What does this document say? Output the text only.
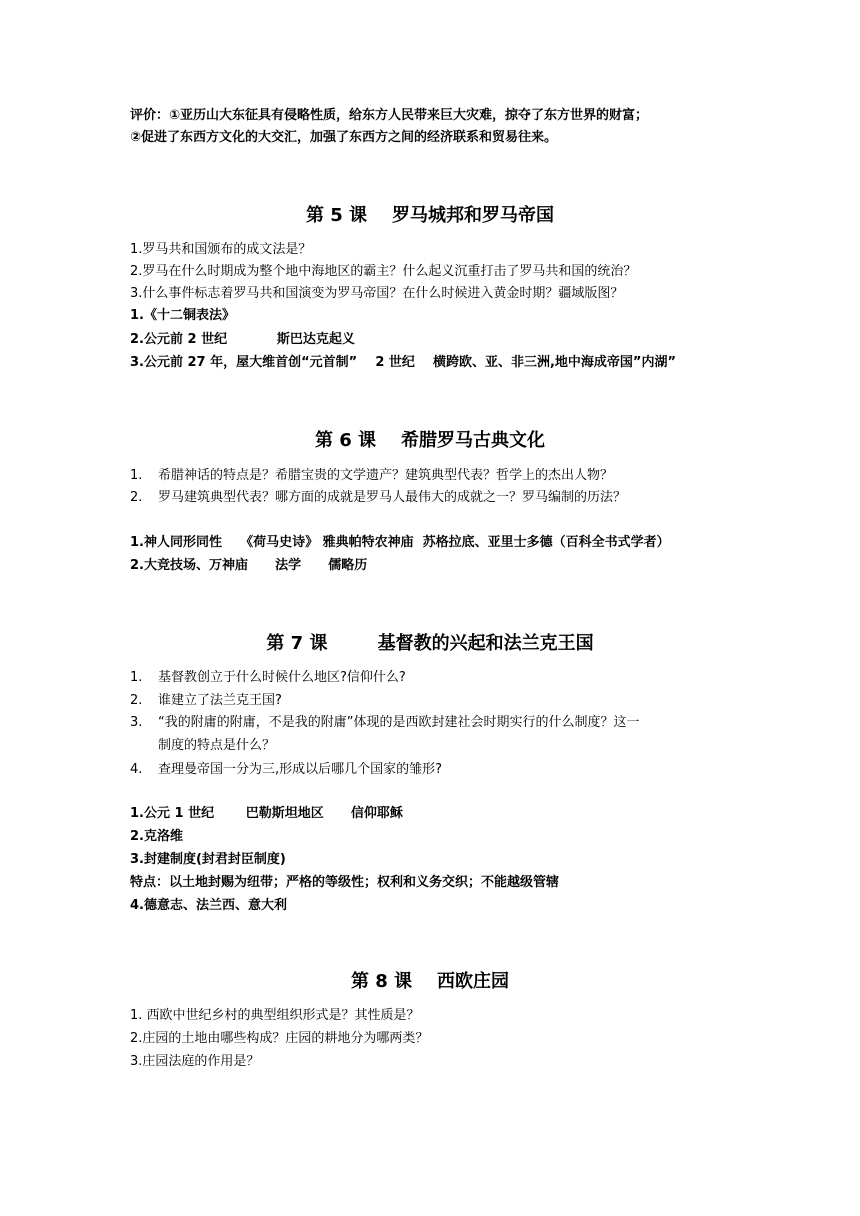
评价：①亚历山大东征具有侵略性质，给东方人民带来巨大灾难，掠夺了东方世界的财富；
②促进了东西方文化的大交汇，加强了东西方之间的经济联系和贸易往来。
第 5 课    罗马城邦和罗马帝国
1.罗马共和国颁布的成文法是？
2.罗马在什么时期成为整个地中海地区的霸主？什么起义沉重打击了罗马共和国的统治？
3.什么事件标志着罗马共和国演变为罗马帝国？在什么时候进入黄金时期？疆域版图？
1.《十二铜表法》
2.公元前 2 世纪           斯巴达克起义
3.公元前 27 年，屋大维首创“元首制”    2 世纪    横跨欧、亚、非三洲,地中海成帝国”内湖”
第 6 课    希腊罗马古典文化
1. 希腊神话的特点是？希腊宝贵的文学遗产？建筑典型代表？哲学上的杰出人物？
2. 罗马建筑典型代表？哪方面的成就是罗马人最伟大的成就之一？罗马编制的历法？
1.神人同形同性    《荷马史诗》 雅典帕特农神庙  苏格拉底、亚里士多德（百科全书式学者）
2.大竞技场、万神庙      法学      儒略历
第 7 课        基督教的兴起和法兰克王国
1. 基督教创立于什么时候什么地区?信仰什么?
2. 谁建立了法兰克王国?
3. “我的附庸的附庸，不是我的附庸”体现的是西欧封建社会时期实行的什么制度？这一
制度的特点是什么？
4. 查理曼帝国一分为三,形成以后哪几个国家的雏形?
1.公元 1 世纪       巴勒斯坦地区      信仰耶稣
2.克洛维
3.封建制度(封君封臣制度)
特点：以土地封赐为纽带；严格的等级性；权利和义务交织；不能越级管辖
4.德意志、法兰西、意大利
第 8 课    西欧庄园
1. 西欧中世纪乡村的典型组织形式是？其性质是？
2.庄园的土地由哪些构成？庄园的耕地分为哪两类？
3.庄园法庭的作用是？
